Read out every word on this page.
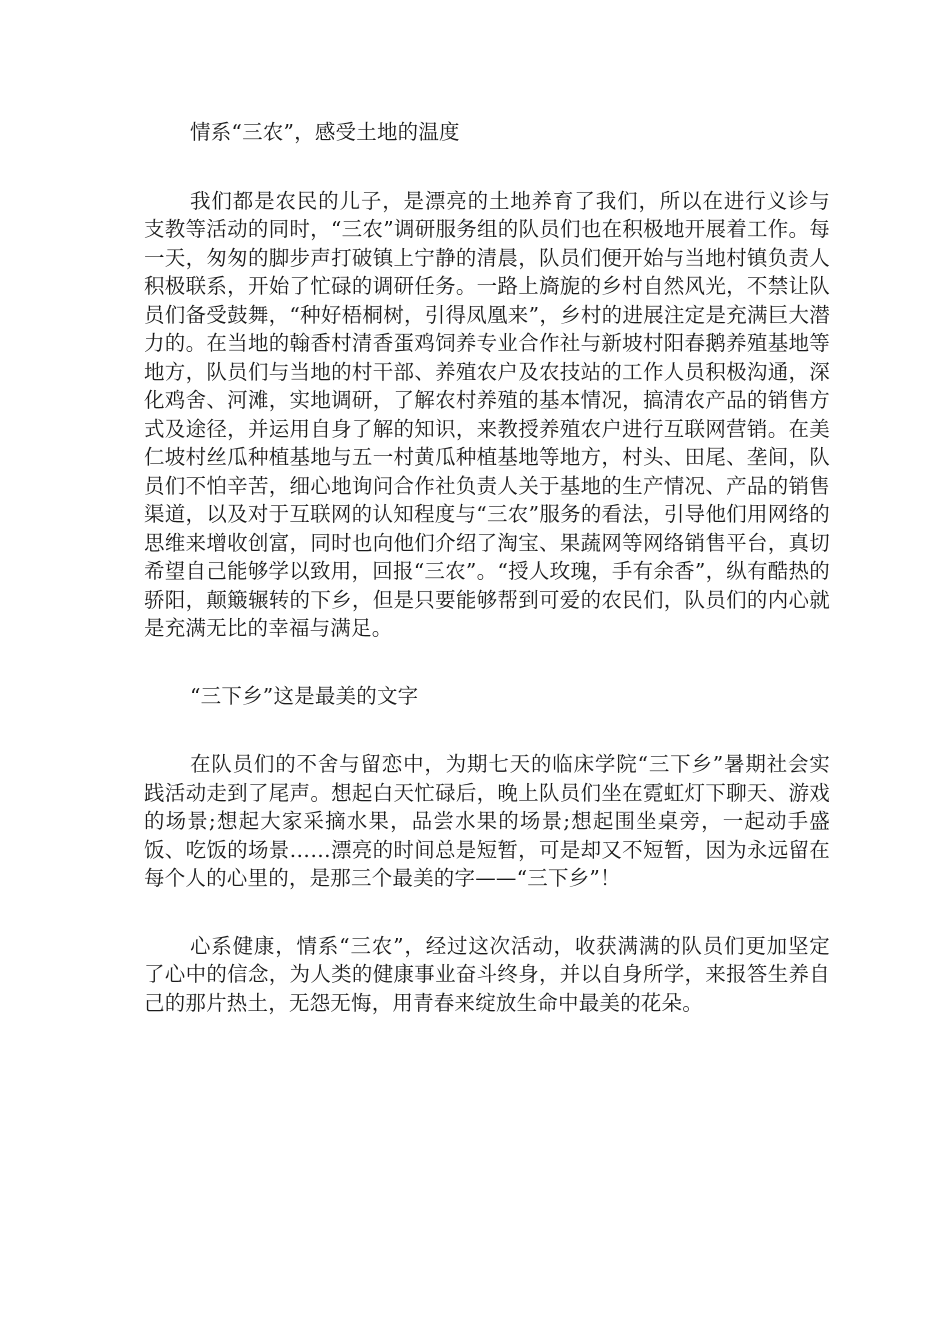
情系“三农”，感受土地的温度

我们都是农民的儿子，是漂亮的土地养育了我们，所以在进行义诊与支教等活动的同时，“三农”调研服务组的队员们也在积极地开展着工作。每一天，匆匆的脚步声打破镇上宁静的清晨，队员们便开始与当地村镇负责人积极联系，开始了忙碌的调研任务。一路上旖旎的乡村自然风光，不禁让队员们备受鼓舞，“种好梧桐树，引得凤凰来”，乡村的进展注定是充满巨大潜力的。在当地的翰香村清香蛋鸡饲养专业合作社与新坡村阳春鹅养殖基地等地方，队员们与当地的村干部、养殖农户及农技站的工作人员积极沟通，深化鸡舍、河滩，实地调研，了解农村养殖的基本情况，搞清农产品的销售方式及途径，并运用自身了解的知识，来教授养殖农户进行互联网营销。在美仁坡村丝瓜种植基地与五一村黄瓜种植基地等地方，村头、田尾、垄间，队员们不怕辛苦，细心地询问合作社负责人关于基地的生产情况、产品的销售渠道，以及对于互联网的认知程度与“三农”服务的看法，引导他们用网络的思维来增收创富，同时也向他们介绍了淘宝、果蔬网等网络销售平台，真切希望自己能够学以致用，回报“三农”。“授人玫瑰，手有余香”，纵有酷热的骄阳，颠簸辗转的下乡，但是只要能够帮到可爱的农民们，队员们的内心就是充满无比的幸福与满足。

“三下乡”这是最美的文字

在队员们的不舍与留恋中，为期七天的临床学院“三下乡”暑期社会实践活动走到了尾声。想起白天忙碌后，晚上队员们坐在霓虹灯下聊天、游戏的场景;想起大家采摘水果，品尝水果的场景;想起围坐桌旁，一起动手盛饭、吃饭的场景……漂亮的时间总是短暂，可是却又不短暂，因为永远留在每个人的心里的，是那三个最美的字——“三下乡”！

心系健康，情系“三农”，经过这次活动，收获满满的队员们更加坚定了心中的信念，为人类的健康事业奋斗终身，并以自身所学，来报答生养自己的那片热土，无怨无悔，用青春来绽放生命中最美的花朵。
